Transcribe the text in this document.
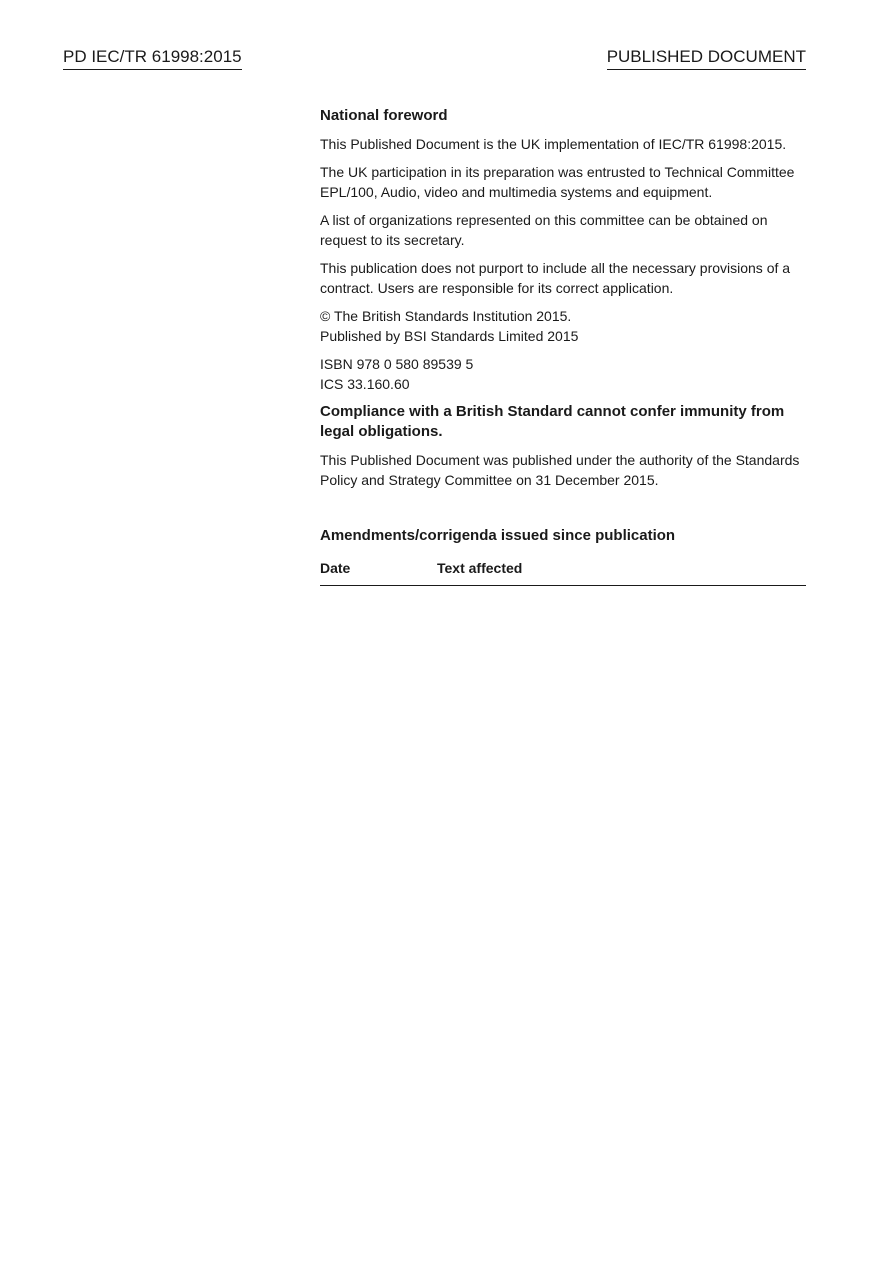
PD IEC/TR 61998:2015	PUBLISHED DOCUMENT
National foreword

This Published Document is the UK implementation of IEC/TR 61998:2015.

The UK participation in its preparation was entrusted to Technical Committee EPL/100, Audio, video and multimedia systems and equipment.

A list of organizations represented on this committee can be obtained on request to its secretary.

This publication does not purport to include all the necessary provisions of a contract. Users are responsible for its correct application.

© The British Standards Institution 2015.

Published by BSI Standards Limited 2015

ISBN 978 0 580 89539 5

ICS 33.160.60

Compliance with a British Standard cannot confer immunity from legal obligations.

This Published Document was published under the authority of the Standards Policy and Strategy Committee on 31 December 2015.

Amendments/corrigenda issued since publication
Date	Text affected
